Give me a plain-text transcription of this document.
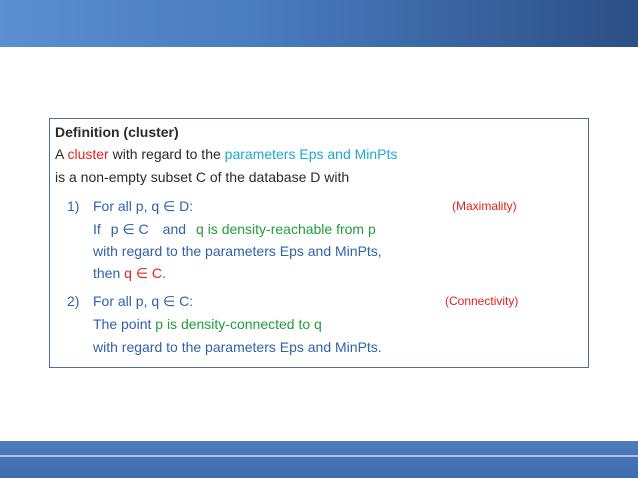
Definition (cluster)
A cluster with regard to the parameters Eps and MinPts
is a non-empty subset C of the database D with
1) For all p, q ∈ D:	(Maximality)
If p ∈ C and q is density-reachable from p
with regard to the parameters Eps and MinPts,
then q ∈ C.
2) For all p, q ∈ C:	(Connectivity)
The point p is density-connected to q
with regard to the parameters Eps and MinPts.
